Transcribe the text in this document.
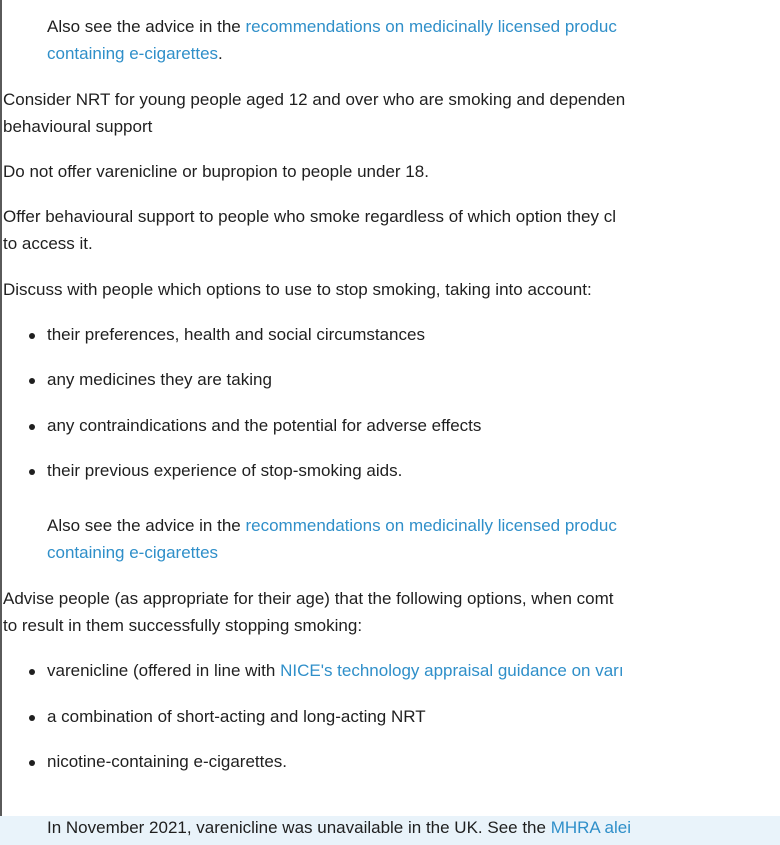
In November 2021, varenicline was unavailable in the UK. See the MHRA alei
Also see the advice in the recommendations on medicinally licensed produc
containing e-cigarettes.
Consider NRT for young people aged 12 and over who are smoking and dependen
behavioural support
Do not offer varenicline or bupropion to people under 18.
Offer behavioural support to people who smoke regardless of which option they cl
to access it.
Discuss with people which options to use to stop smoking, taking into account:
their preferences, health and social circumstances
any medicines they are taking
any contraindications and the potential for adverse effects
their previous experience of stop-smoking aids.
Also see the advice in the recommendations on medicinally licensed produc
containing e-cigarettes
Advise people (as appropriate for their age) that the following options, when comt
to result in them successfully stopping smoking:
varenicline (offered in line with NICE's technology appraisal guidance on varı
a combination of short-acting and long-acting NRT
nicotine-containing e-cigarettes.
